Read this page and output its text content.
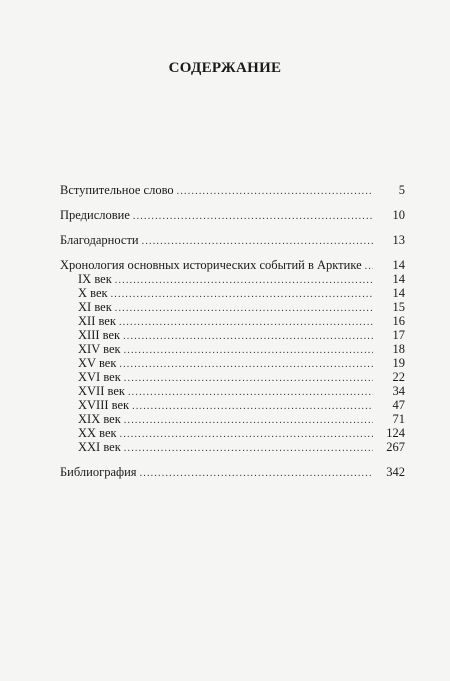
СОДЕРЖАНИЕ
Вступительное слово .....	5
Предисловие .....	10
Благодарности .....	13
Хронология основных исторических событий в Арктике .....	14
IX век .....	14
X век .....	14
XI век .....	15
XII век .....	16
XIII век .....	17
XIV век .....	18
XV век .....	19
XVI век .....	22
XVII век .....	34
XVIII век .....	47
XIX век .....	71
XX век .....	124
XXI век .....	267
Библиография .....	342
